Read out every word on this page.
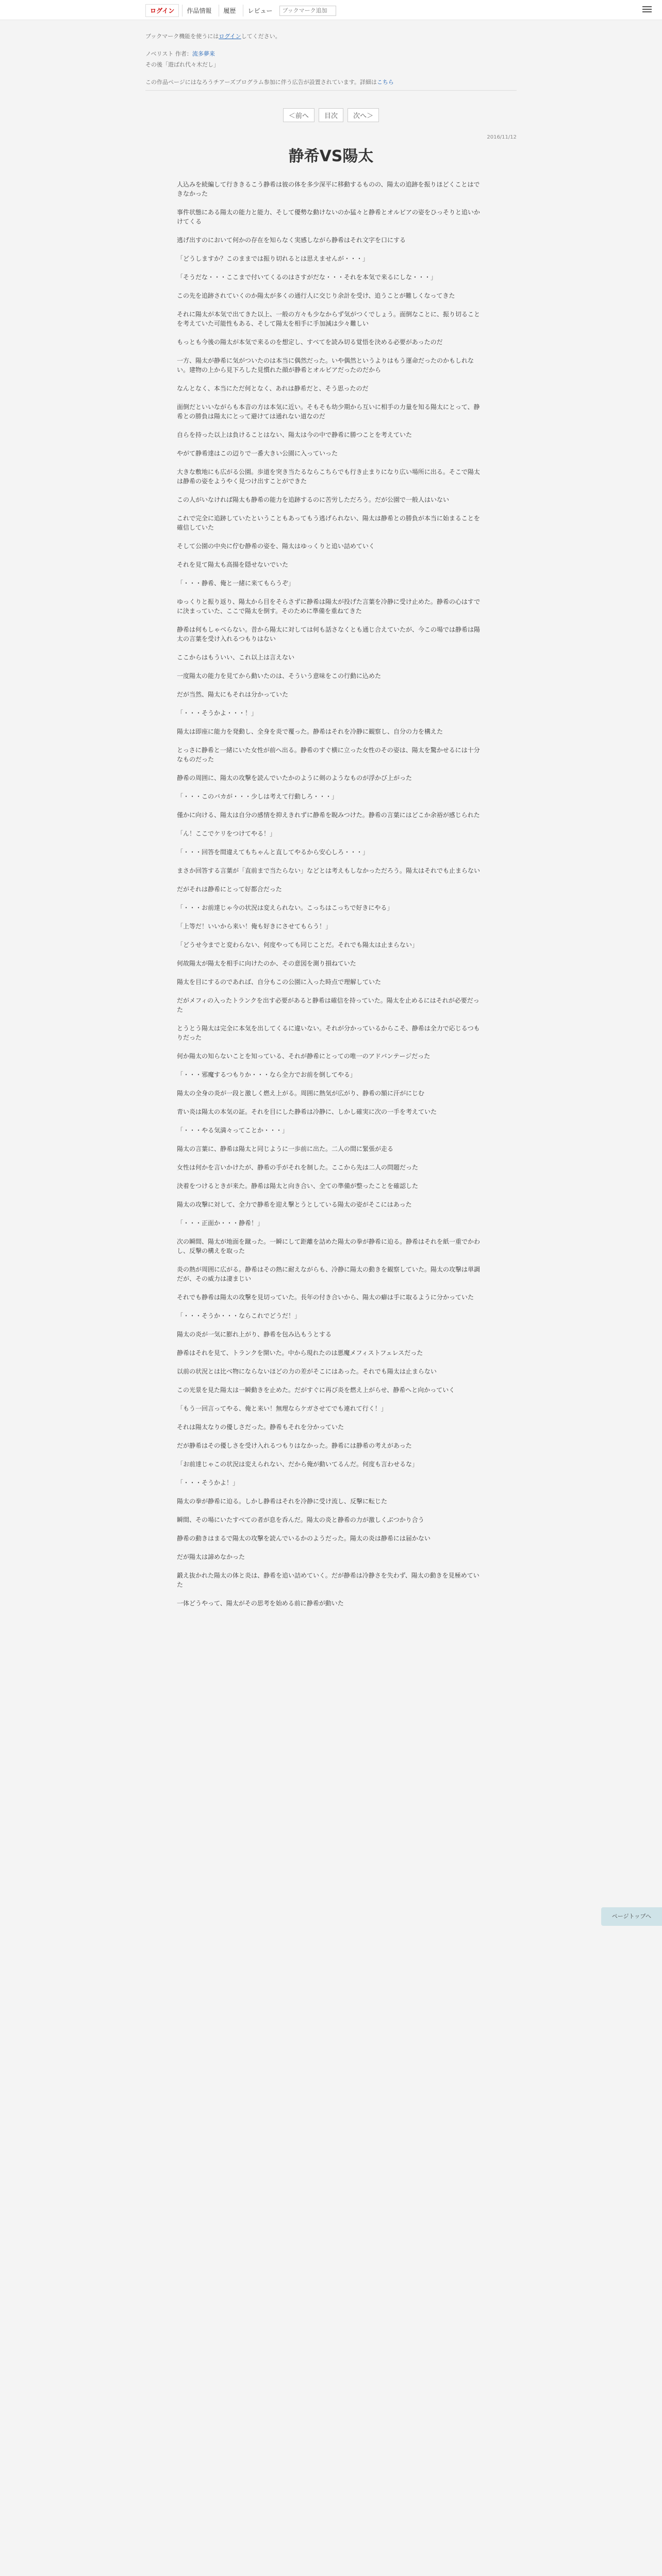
ログイン	作品情報	履歴	レビュー
ブックマーク追加
ブックマーク機能を使うにはログインしてください。
ノベリスト 作者：流多夢来
その後「遊ばれ代々木だし」
この作品ページにはなろうチアーズプログラム参加に伴う広告が設置されています。詳細はこちら
＜前へ 目次 次へ＞
2016/11/12
静希VS陽太

人込みを続編して行ききるこう静希は彼の体を多少深平に移動するものの、陽太の追跡を振りほどくことはできなかった

事件状態にある陽太の能力と能力、そして優勢な動けないのか猛々と静希とオルビアの姿をひっそりと追いかけてくる

逃げ出すのにおいて何かの存在を知らなく実感しながら静希はそれ文字を口にする

「どうしますか？このままでは振り切れるとは思えませんが・・・」

「そうだな・・・ここまで付いてくるのはさすがだな・・・それを本気で来るにしな・・・」

この先を追跡されていくのか陽太が多くの通行人に交じり余計を受け、追うことが難しくなってきた

それに陽太が本気で出てきた以上、一般の方々も少なからず気がつくでしょう。面倒なことに、振り切ることを考えていた可能性もある、そして陽太を相手に手加減は少々難しい

もっとも今後の陽太が本気で来るのを想定し、すべてを読み切る覚悟を決める必要があったのだ

一方、陽太が静希に気がついたのは本当に偶然だった。いや偶然というよりはもう運命だったのかもしれない。建物の上から見下ろした見慣れた顔が静希とオルビアだったのだから

なんとなく、本当にただ何となく、あれは静希だと、そう思ったのだ

面倒だといいながらも本音の方は本気に近い。そもそも幼少期から互いに相手の力量を知る陽太にとって、静希との勝負は陽太にとって避けては通れない道なのだ

自らを持った以上は負けることはない、陽太は今の中で静希に勝つことを考えていた

やがて静希達はこの辺りで一番大きい公園に入っていった

大きな敷地にも広がる公園。歩道を突き当たるならこちらでも行き止まりになり広い場所に出る。そこで陽太は静希の姿をようやく見つけ出すことができた

この人がいなければ陽太も静希の能力を追跡するのに苦労しただろう。だが公園で一般人はいない

これで完全に追跡していたということもあってもう逃げられない、陽太は静希との勝負が本当に始まることを確信していた

そして公園の中央に佇む静希の姿を、陽太はゆっくりと追い詰めていく

それを見て陽太も高揚を隠せないでいた

「・・・静希、俺と一緒に来てもらうぞ」

ゆっくりと振り返り、陽太から目をそらさずに静希は陽太が投げた言葉を冷静に受け止めた。静希の心はすでに決まっていた、ここで陽太を倒す。そのために準備を重ねてきた

静希は何もしゃべらない。昔から陽太に対しては何も話さなくとも通じ合えていたが、今この場では静希は陽太の言葉を受け入れるつもりはない

ここからはもういい、これ以上は言えない

一度陽太の能力を見てから動いたのは、そういう意味をこの行動に込めた

だが当然、陽太にもそれは分かっていた

「・・・そうかよ・・・！」

陽太は即座に能力を発動し、全身を炎で覆った。静希はそれを冷静に観察し、自分の力を構えた

とっさに静希と一緒にいた女性が前へ出る。静希のすぐ横に立った女性のその姿は、陽太を驚かせるには十分なものだった

静希の周囲に、陽太の攻撃を読んでいたかのように剣のようなものが浮かび上がった

「・・・このバカが・・・少しは考えて行動しろ・・・」

僅かに向ける、陽太は自分の感情を抑えきれずに静希を睨みつけた。静希の言葉にはどこか余裕が感じられた

「ん！ここでケリをつけてやる！」

「・・・回答を間違えてもちゃんと直してやるから安心しろ・・・」

まさか回答する言葉が「直前まで当たらない」などとは考えもしなかっただろう。陽太はそれでも止まらない

だがそれは静希にとって好都合だった

「・・・お前達じゃ今の状況は変えられない。こっちはこっちで好きにやる」

「上等だ！いいから来い！俺も好きにさせてもらう！」

「どうせ今までと変わらない、何度やっても同じことだ。それでも陽太は止まらない」

何故陽太が陽太を相手に向けたのか、その意図を測り損ねていた

陽太を目にするのであれば、自分もこの公園に入った時点で理解していた

だがメフィの入ったトランクを出す必要があると静希は確信を持っていた。陽太を止めるにはそれが必要だった

とうとう陽太は完全に本気を出してくるに違いない。それが分かっているからこそ、静希は全力で応じるつもりだった

何か陽太の知らないことを知っている、それが静希にとっての唯一のアドバンテージだった

「・・・邪魔するつもりか・・・なら全力でお前を倒してやる」

陽太の全身の炎が一段と激しく燃え上がる。周囲に熱気が広がり、静希の額に汗がにじむ

青い炎は陽太の本気の証。それを目にした静希は冷静に、しかし確実に次の一手を考えていた

「・・・やる気満々ってことか・・・」

陽太の言葉に、静希は陽太と同じように一歩前に出た。二人の間に緊張が走る

女性は何かを言いかけたが、静希の手がそれを制した。ここから先は二人の問題だった

決着をつけるときが来た。静希は陽太と向き合い、全ての準備が整ったことを確認した

陽太の攻撃に対して、全力で静希を迎え撃とうとしている陽太の姿がそこにはあった

「・・・正面か・・・静希！」

次の瞬間、陽太が地面を蹴った。一瞬にして距離を詰めた陽太の拳が静希に迫る。静希はそれを紙一重でかわし、反撃の構えを取った

炎の熱が周囲に広がる。静希はその熱に耐えながらも、冷静に陽太の動きを観察していた。陽太の攻撃は単調だが、その威力は凄まじい

それでも静希は陽太の攻撃を見切っていた。長年の付き合いから、陽太の癖は手に取るように分かっていた

「・・・そうか・・・ならこれでどうだ！」

陽太の炎が一気に膨れ上がり、静希を包み込もうとする

静希はそれを見て、トランクを開いた。中から現れたのは悪魔メフィストフェレスだった

以前の状況とは比べ物にならないほどの力の差がそこにはあった。それでも陽太は止まらない

この光景を見た陽太は一瞬動きを止めた。だがすぐに再び炎を燃え上がらせ、静希へと向かっていく

「もう一回言ってやる、俺と来い！無理ならケガさせてでも連れて行く！」

それは陽太なりの優しさだった。静希もそれを分かっていた

だが静希はその優しさを受け入れるつもりはなかった。静希には静希の考えがあった

「お前達じゃこの状況は変えられない、だから俺が動いてるんだ。何度も言わせるな」

「・・・そうかよ！」

陽太の拳が静希に迫る。しかし静希はそれを冷静に受け流し、反撃に転じた

瞬間、その場にいたすべての者が息を呑んだ。陽太の炎と静希の力が激しくぶつかり合う

静希の動きはまるで陽太の攻撃を読んでいるかのようだった。陽太の炎は静希には届かない

だが陽太は諦めなかった

鍛え抜かれた陽太の体と炎は、静希を追い詰めていく。だが静希は冷静さを失わず、陽太の動きを見極めていた

一体どうやって、陽太がその思考を始める前に静希が動いた

ページトップへ
